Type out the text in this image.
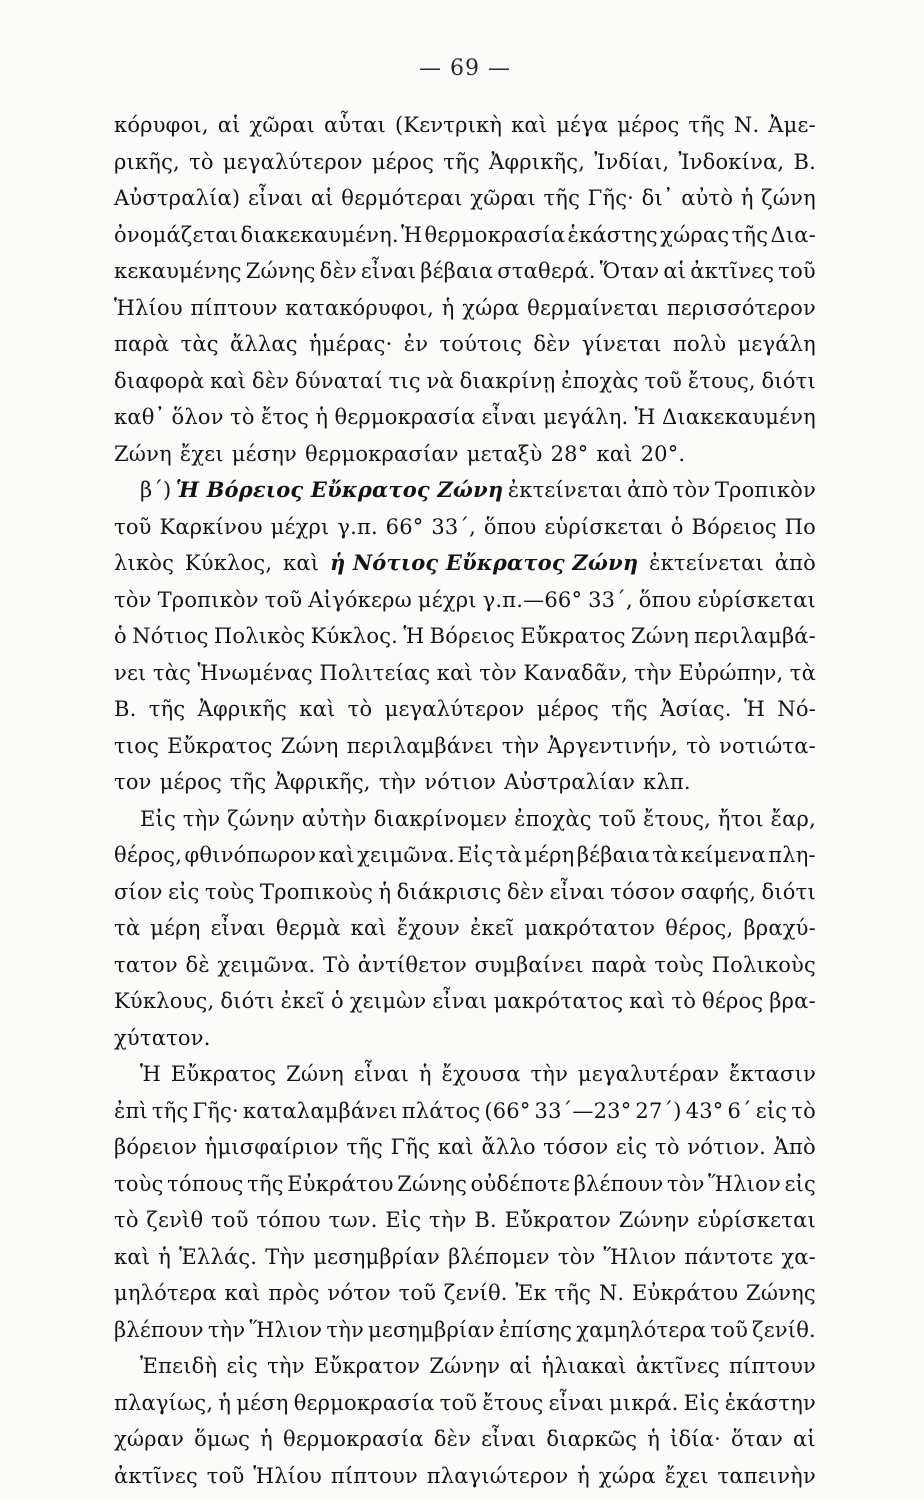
— 69 —
κόρυφοι, αἱ χῶραι αὗται (Κεντρικὴ καὶ μέγα μέρος τῆς Ν. Ἀμε-
ρικῆς, τὸ μεγαλύτερον μέρος τῆς Ἀφρικῆς, Ἰνδίαι, Ἰνδοκίνα, Β.
Αὐστραλία) εἶναι αἱ θερμότεραι χῶραι τῆς Γῆς· δι᾿ αὐτὸ ἡ ζώνη
ὀνομάζεται διακεκαυμένη. Ἡ θερμοκρασία ἑκάστης χώρας τῆς Δια-
κεκαυμένης Ζώνης δὲν εἶναι βέβαια σταθερά. Ὅταν αἱ ἀκτῖνες τοῦ
Ἡλίου πίπτουν κατακόρυφοι, ἡ χώρα θερμαίνεται περισσότερον
παρὰ τὰς ἄλλας ἡμέρας· ἐν τούτοις δὲν γίνεται πολὺ μεγάλη
διαφορὰ καὶ δὲν δύναταί τις νὰ διακρίνῃ ἐποχὰς τοῦ ἔτους, διότι
καθ᾿ ὅλον τὸ ἔτος ἡ θερμοκρασία εἶναι μεγάλη. Ἡ Διακεκαυμένη
Ζώνη ἔχει μέσην θερμοκρασίαν μεταξὺ 28° καὶ 20°.
β΄) Ἡ Βόρειος Εὔκρατος Ζώνη ἐκτείνεται ἀπὸ τὸν Τροπικὸν
τοῦ Καρκίνου μέχρι γ.π. 66° 33΄, ὅπου εὑρίσκεται ὁ Βόρειος Πο
λικὸς Κύκλος, καὶ ἡ Νότιος Εὔκρατος Ζώνη ἐκτείνεται ἀπὸ
τὸν Τροπικὸν τοῦ Αἰγόκερω μέχρι γ.π.—66° 33΄, ὅπου εὑρίσκεται
ὁ Νότιος Πολικὸς Κύκλος. Ἡ Βόρειος Εὔκρατος Ζώνη περιλαμβά-
νει τὰς Ἡνωμένας Πολιτείας καὶ τὸν Καναδᾶν, τὴν Εὐρώπην, τὰ
Β. τῆς Ἀφρικῆς καὶ τὸ μεγαλύτερον μέρος τῆς Ἀσίας. Ἡ Νό-
τιος Εὔκρατος Ζώνη περιλαμβάνει τὴν Ἀργεντινήν, τὸ νοτιώτα-
τον μέρος τῆς Ἀφρικῆς, τὴν νότιον Αὐστραλίαν κλπ.
Εἰς τὴν ζώνην αὐτὴν διακρίνομεν ἐποχὰς τοῦ ἔτους, ἤτοι ἔαρ,
θέρος, φθινόπωρον καὶ χειμῶνα. Εἰς τὰ μέρη βέβαια τὰ κείμενα πλη-
σίον εἰς τοὺς Τροπικοὺς ἡ διάκρισις δὲν εἶναι τόσον σαφής, διότι
τὰ μέρη εἶναι θερμὰ καὶ ἔχουν ἐκεῖ μακρότατον θέρος, βραχύ-
τατον δὲ χειμῶνα. Τὸ ἀντίθετον συμβαίνει παρὰ τοὺς Πολικοὺς
Κύκλους, διότι ἐκεῖ ὁ χειμὼν εἶναι μακρότατος καὶ τὸ θέρος βρα-
χύτατον.
Ἡ Εὔκρατος Ζώνη εἶναι ἡ ἔχουσα τὴν μεγαλυτέραν ἔκτασιν
ἐπὶ τῆς Γῆς· καταλαμβάνει πλάτος (66° 33΄—23° 27΄) 43° 6΄ εἰς τὸ
βόρειον ἡμισφαίριον τῆς Γῆς καὶ ἄλλο τόσον εἰς τὸ νότιον. Ἀπὸ
τοὺς τόπους τῆς Εὐκράτου Ζώνης οὐδέποτε βλέπουν τὸν Ἥλιον εἰς
τὸ ζενὶθ τοῦ τόπου των. Εἰς τὴν Β. Εὔκρατον Ζώνην εὑρίσκεται
καὶ ἡ Ἑλλάς. Τὴν μεσημβρίαν βλέπομεν τὸν Ἥλιον πάντοτε χα-
μηλότερα καὶ πρὸς νότον τοῦ ζενίθ. Ἐκ τῆς Ν. Εὐκράτου Ζώνης
βλέπουν τὴν Ἥλιον τὴν μεσημβρίαν ἐπίσης χαμηλότερα τοῦ ζενίθ.
Ἐπειδὴ εἰς τὴν Εὔκρατον Ζώνην αἱ ἡλιακαὶ ἀκτῖνες πίπτουν
πλαγίως, ἡ μέση θερμοκρασία τοῦ ἔτους εἶναι μικρά. Εἰς ἑκάστην
χώραν ὅμως ἡ θερμοκρασία δὲν εἶναι διαρκῶς ἡ ἰδία· ὅταν αἱ
ἀκτῖνες τοῦ Ἡλίου πίπτουν πλαγιώτερον ἡ χώρα ἔχει ταπεινὴν
